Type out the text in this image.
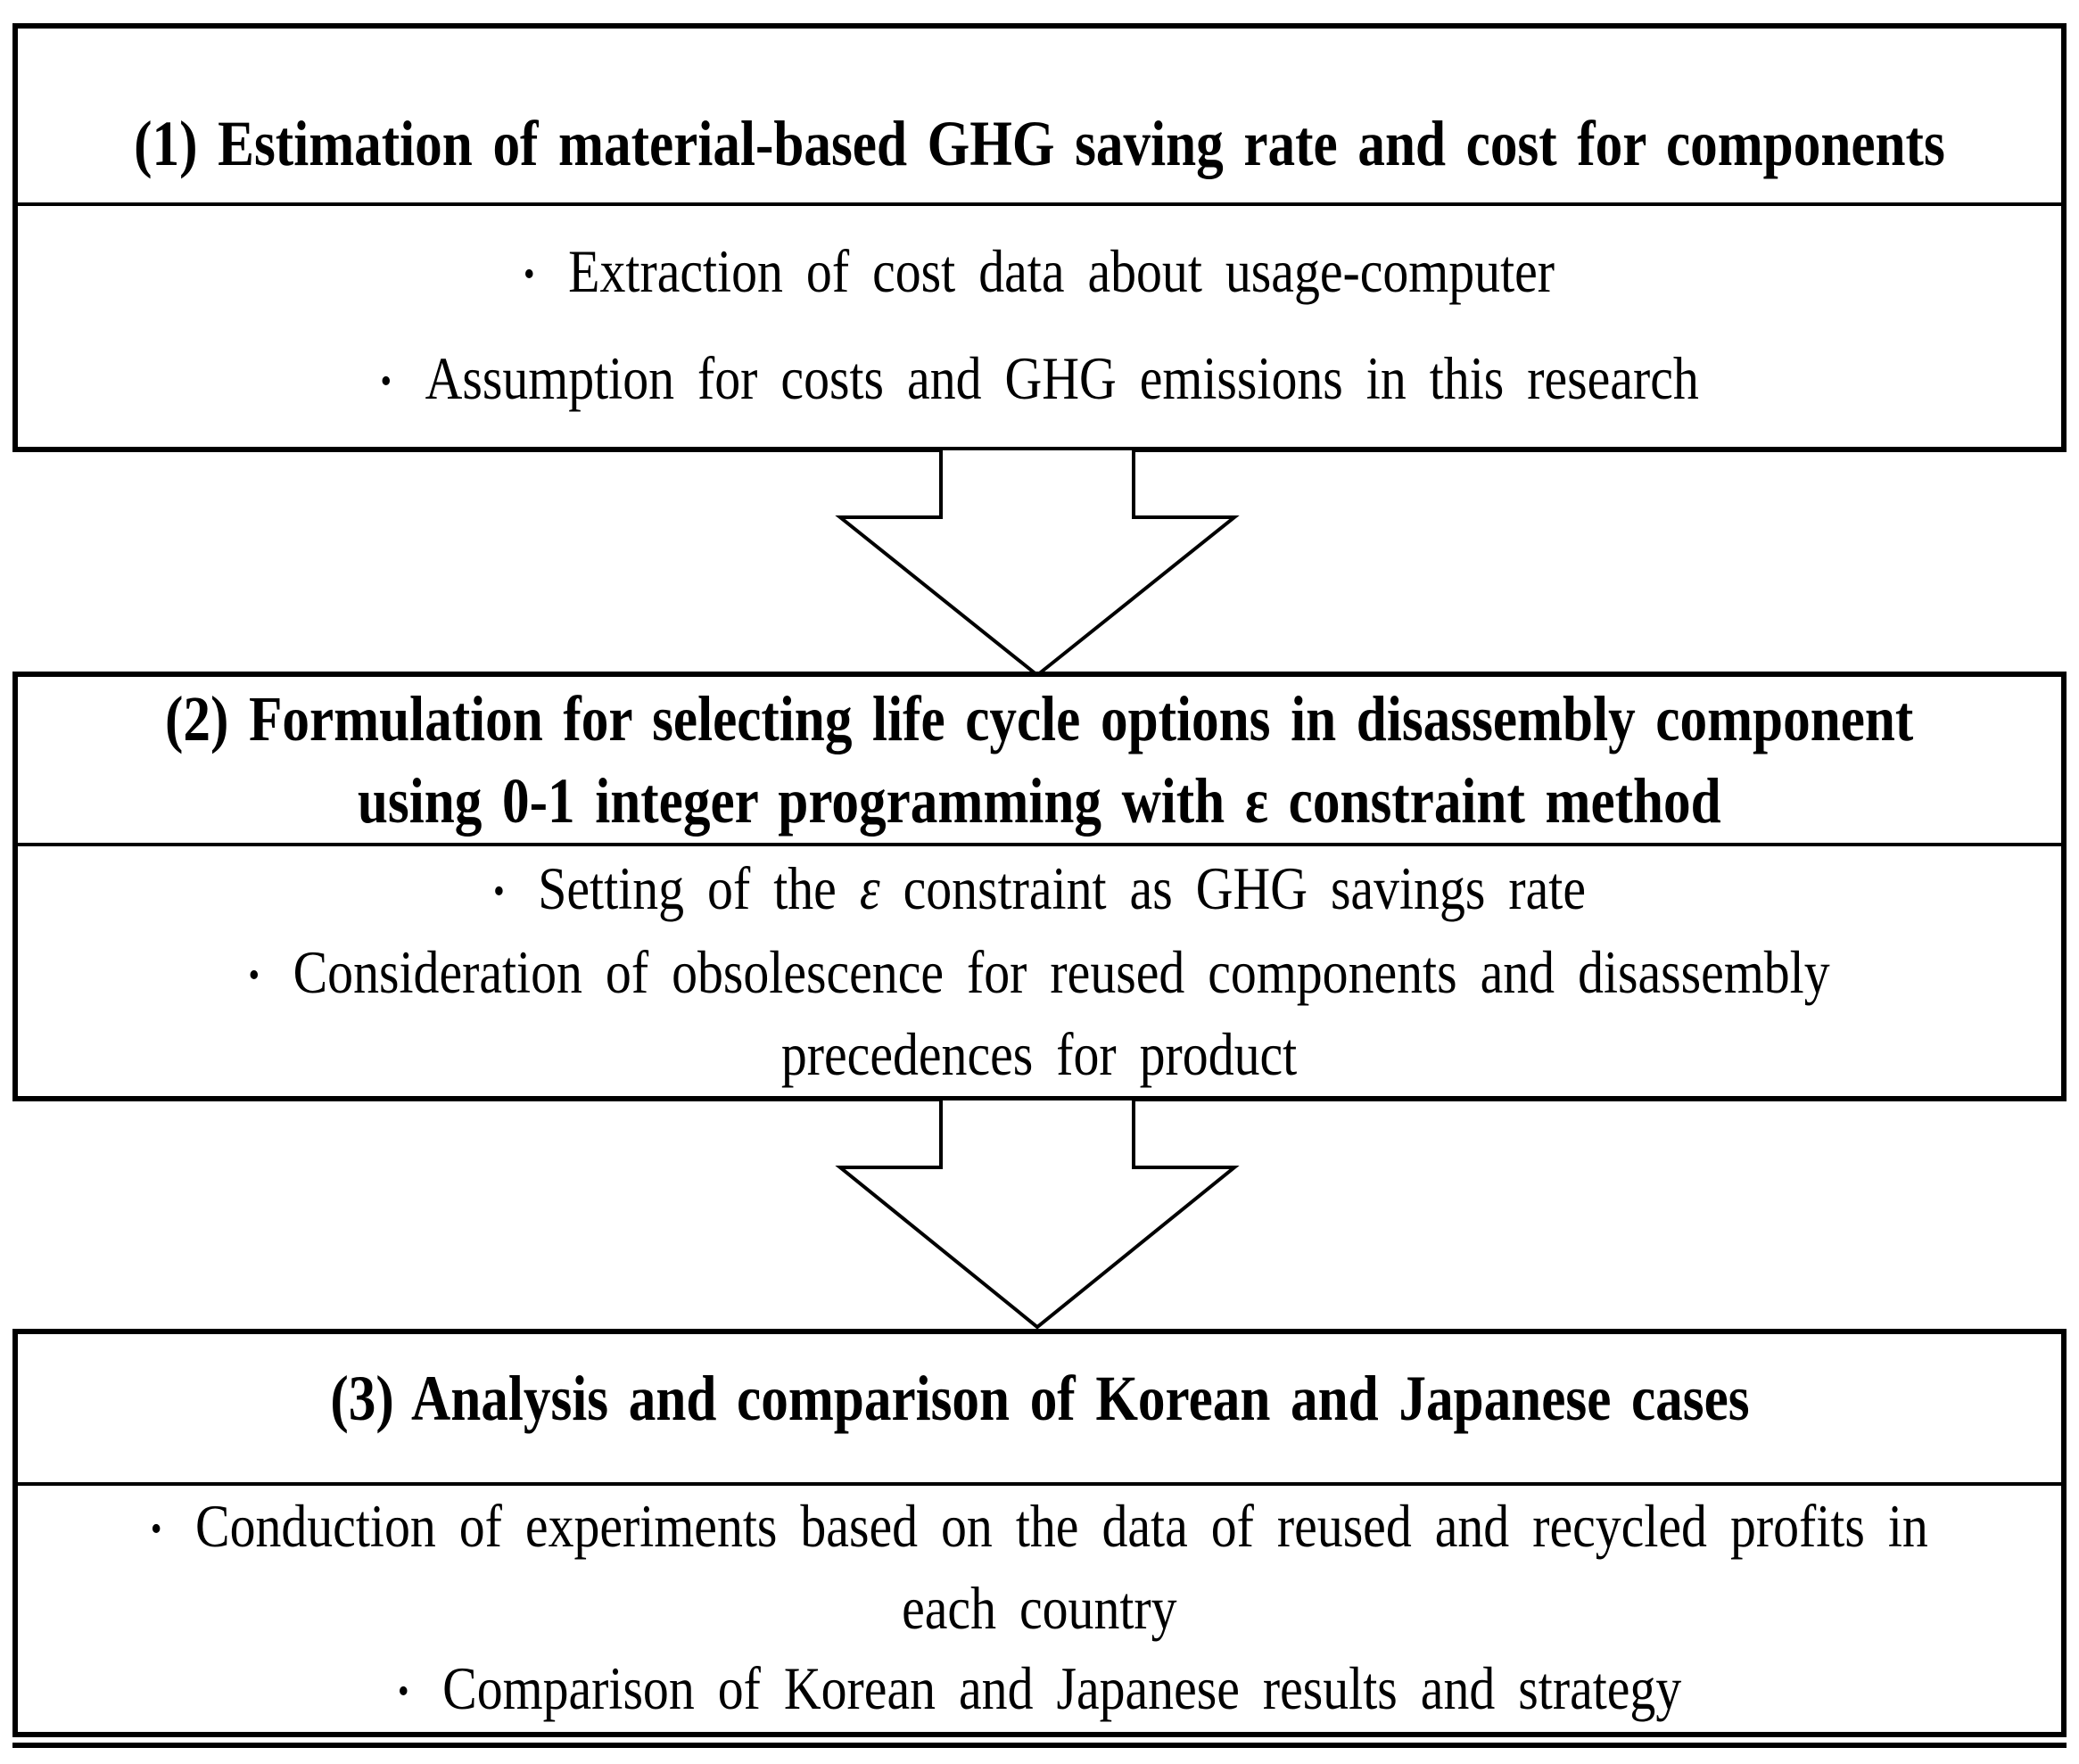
(1) Estimation of material-based GHG saving rate and cost for components
• Extraction of cost data about usage-computer
• Assumption for costs and GHG emissions in this research
(2) Formulation for selecting life cycle options in disassembly component
using 0-1 integer programming with ε constraint method
• Setting of the ε constraint as GHG savings rate
• Consideration of obsolescence for reused components and disassembly
precedences for product
(3) Analysis and comparison of Korean and Japanese cases
• Conduction of experiments based on the data of reused and recycled profits in
each country
• Comparison of Korean and Japanese results and strategy
